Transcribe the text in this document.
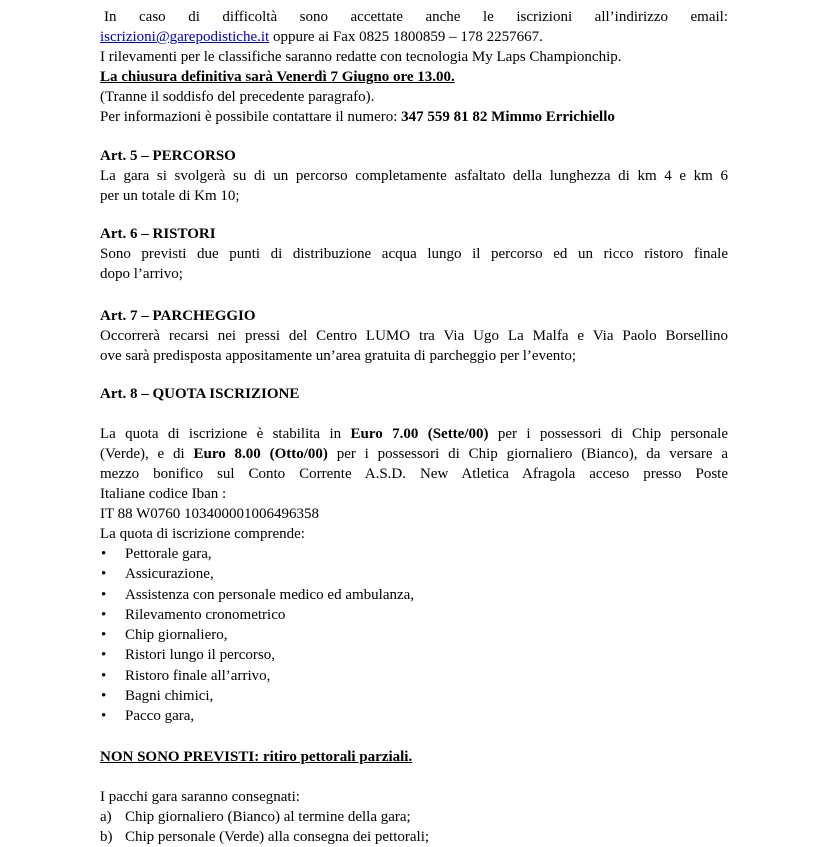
In caso di difficoltà sono accettate anche le iscrizioni all’indirizzo email:

iscrizioni@garepodistiche.it oppure ai Fax 0825 1800859 – 178 2257667.

I rilevamenti per le classifiche saranno redatte con tecnologia My Laps Championchip.

La chiusura definitiva sarà Venerdì 7 Giugno ore 13.00.

(Tranne il soddisfo del precedente paragrafo).

Per informazioni è possibile contattare il numero: 347 559 81 82 Mimmo Errichiello

Art. 5 – PERCORSO

La gara si svolgerà su di un percorso completamente asfaltato della lunghezza di km 4 e km 6

per un totale di Km 10;

Art. 6 – RISTORI

Sono previsti due punti di distribuzione acqua lungo il percorso ed un ricco ristoro finale

dopo l’arrivo;

Art. 7 – PARCHEGGIO

Occorrerà recarsi nei pressi del Centro LUMO tra Via Ugo La Malfa e Via Paolo Borsellino

ove sarà predisposta appositamente un’area gratuita di parcheggio per l’evento;

Art. 8 – QUOTA ISCRIZIONE

La quota di iscrizione è stabilita in Euro 7.00 (Sette/00) per i possessori di Chip personale

(Verde), e di Euro 8.00 (Otto/00) per i possessori di Chip giornaliero (Bianco), da versare a

mezzo bonifico sul Conto Corrente A.S.D. New Atletica Afragola acceso presso Poste

Italiane codice Iban :

IT 88 W0760 103400001006496358

La quota di iscrizione comprende:

• Pettorale gara,
• Assicurazione,
• Assistenza con personale medico ed ambulanza,
• Rilevamento cronometrico
• Chip giornaliero,
• Ristori lungo il percorso,
• Ristoro finale all’arrivo,
• Bagni chimici,
• Pacco gara,

NON SONO PREVISTI: ritiro pettorali parziali.

I pacchi gara saranno consegnati:

a) Chip giornaliero (Bianco) al termine della gara;
b) Chip personale (Verde) alla consegna dei pettorali;
